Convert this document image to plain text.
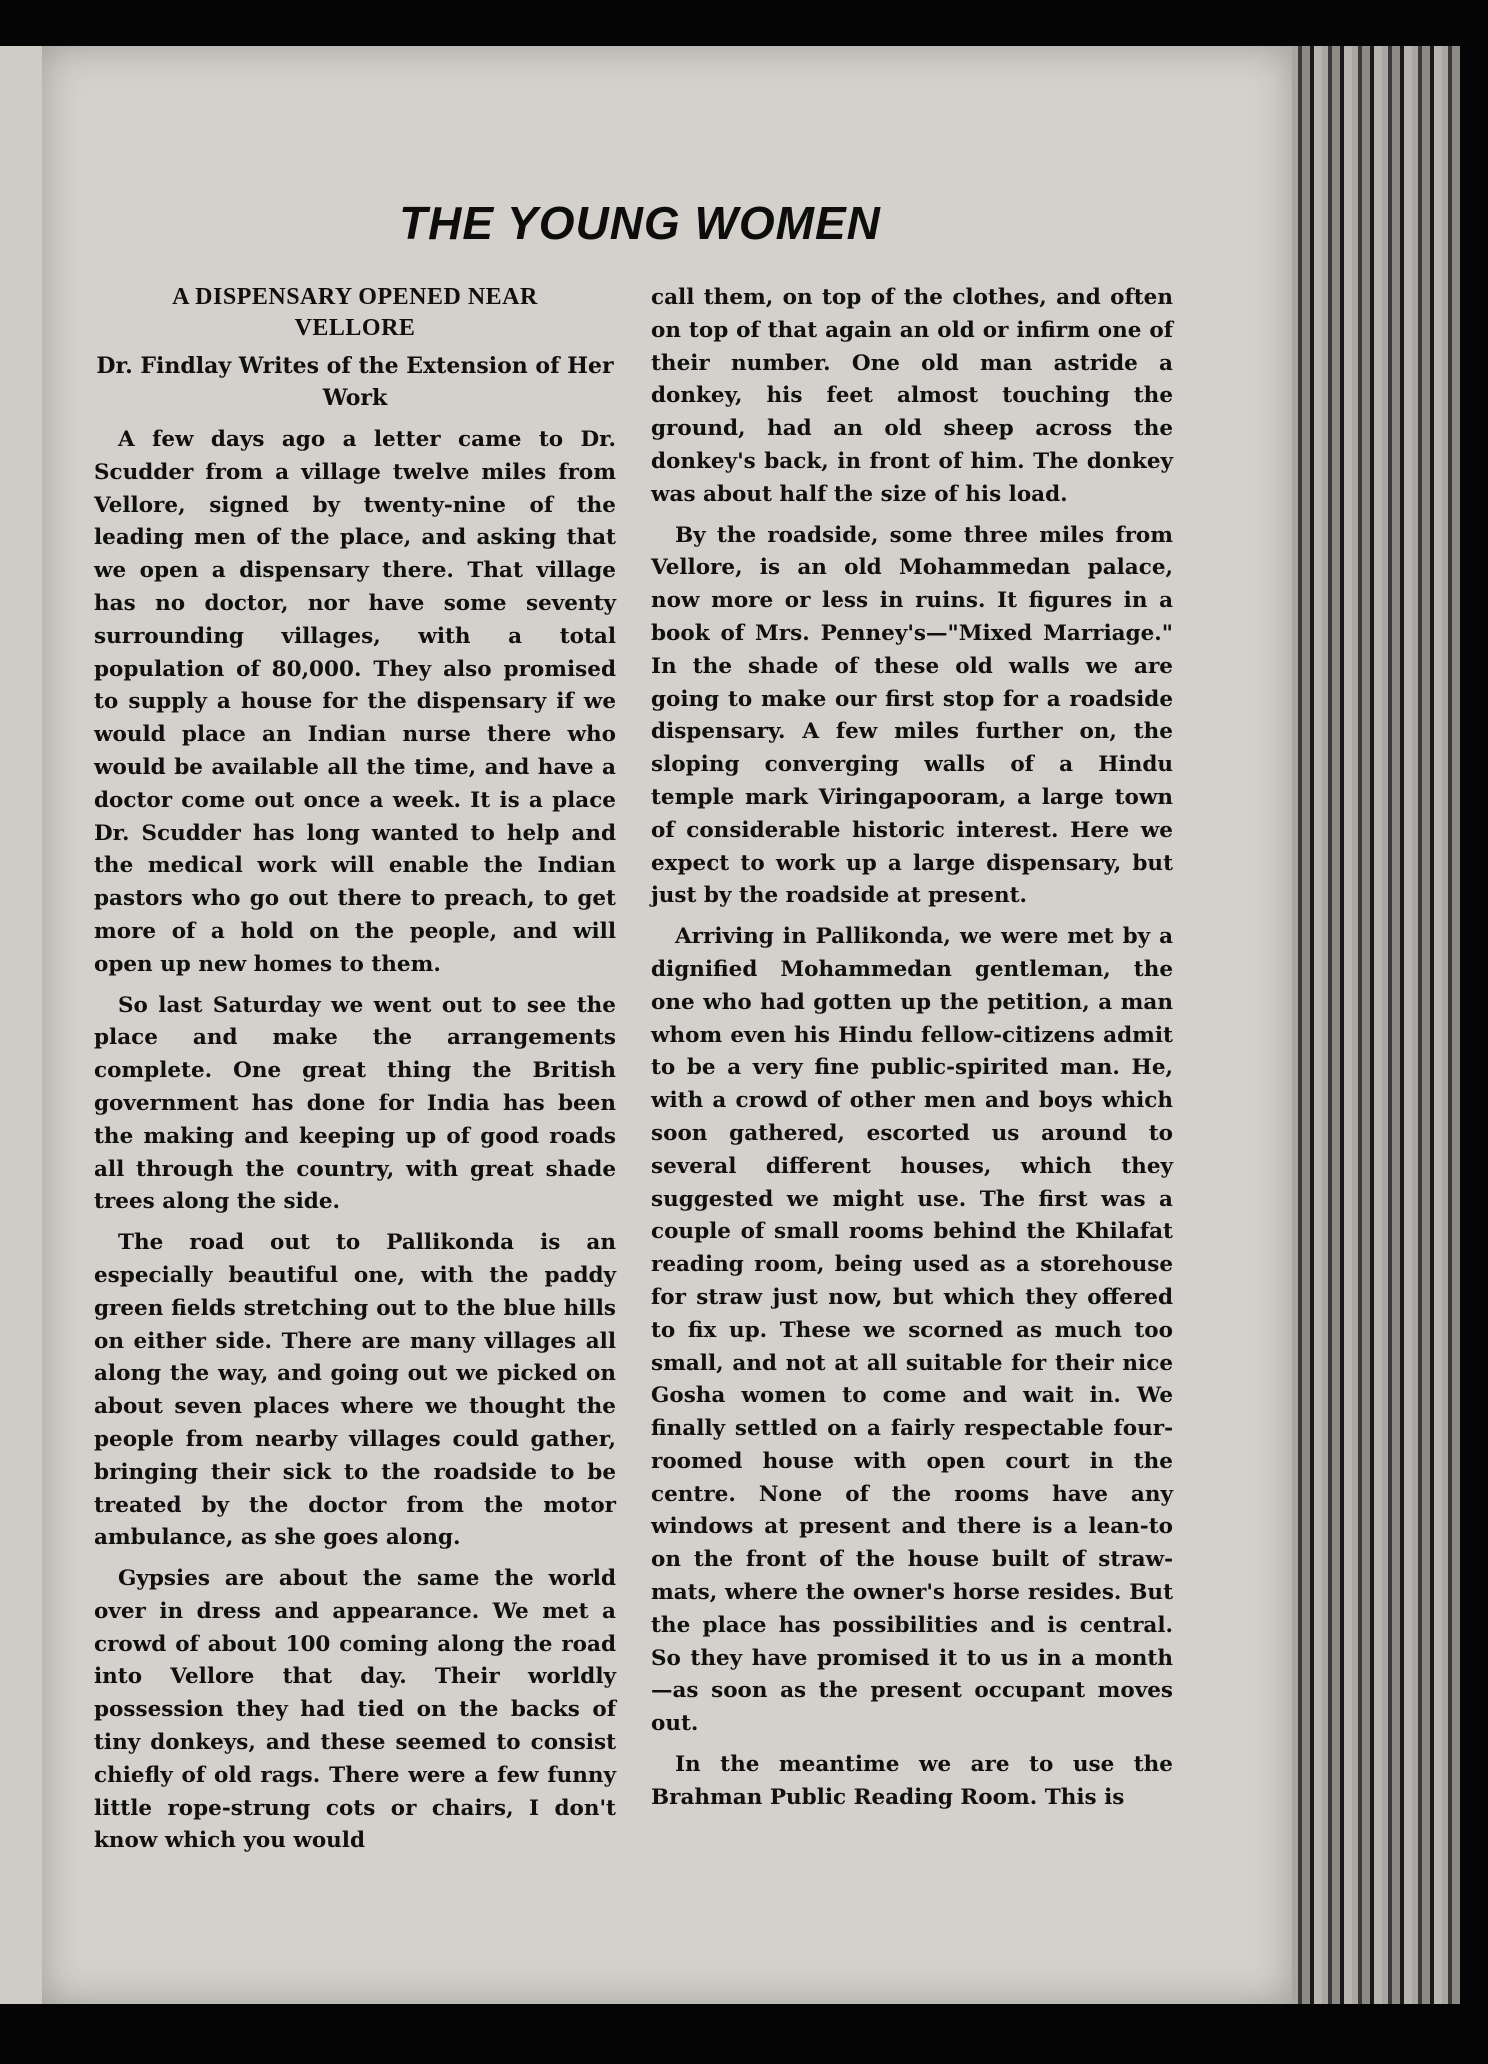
THE YOUNG WOMEN
A DISPENSARY OPENED NEAR
VELLORE
Dr. Findlay Writes of the Extension of Her Work

A few days ago a letter came to Dr. Scudder from a village twelve miles from Vellore, signed by twenty-nine of the leading men of the place, and asking that we open a dispensary there. That village has no doctor, nor have some seventy surrounding villages, with a total population of 80,000. They also promised to supply a house for the dispensary if we would place an Indian nurse there who would be available all the time, and have a doctor come out once a week. It is a place Dr. Scudder has long wanted to help and the medical work will enable the Indian pastors who go out there to preach, to get more of a hold on the people, and will open up new homes to them.

So last Saturday we went out to see the place and make the arrangements complete. One great thing the British government has done for India has been the making and keeping up of good roads all through the country, with great shade trees along the side.

The road out to Pallikonda is an especially beautiful one, with the paddy green fields stretching out to the blue hills on either side. There are many villages all along the way, and going out we picked on about seven places where we thought the people from nearby villages could gather, bringing their sick to the roadside to be treated by the doctor from the motor ambulance, as she goes along.

Gypsies are about the same the world over in dress and appearance. We met a crowd of about 100 coming along the road into Vellore that day. Their worldly possession they had tied on the backs of tiny donkeys, and these seemed to consist chiefly of old rags. There were a few funny little rope-strung cots or chairs, I don't know which you would

call them, on top of the clothes, and often on top of that again an old or infirm one of their number. One old man astride a donkey, his feet almost touching the ground, had an old sheep across the donkey's back, in front of him. The donkey was about half the size of his load.

By the roadside, some three miles from Vellore, is an old Mohammedan palace, now more or less in ruins. It figures in a book of Mrs. Penney's—"Mixed Marriage." In the shade of these old walls we are going to make our first stop for a roadside dispensary. A few miles further on, the sloping converging walls of a Hindu temple mark Viringapooram, a large town of considerable historic interest. Here we expect to work up a large dispensary, but just by the roadside at present.

Arriving in Pallikonda, we were met by a dignified Mohammedan gentleman, the one who had gotten up the petition, a man whom even his Hindu fellow-citizens admit to be a very fine public-spirited man. He, with a crowd of other men and boys which soon gathered, escorted us around to several different houses, which they suggested we might use. The first was a couple of small rooms behind the Khilafat reading room, being used as a storehouse for straw just now, but which they offered to fix up. These we scorned as much too small, and not at all suitable for their nice Gosha women to come and wait in. We finally settled on a fairly respectable four-roomed house with open court in the centre. None of the rooms have any windows at present and there is a lean-to on the front of the house built of straw-mats, where the owner's horse resides. But the place has possibilities and is central. So they have promised it to us in a month—as soon as the present occupant moves out.

In the meantime we are to use the Brahman Public Reading Room. This is
